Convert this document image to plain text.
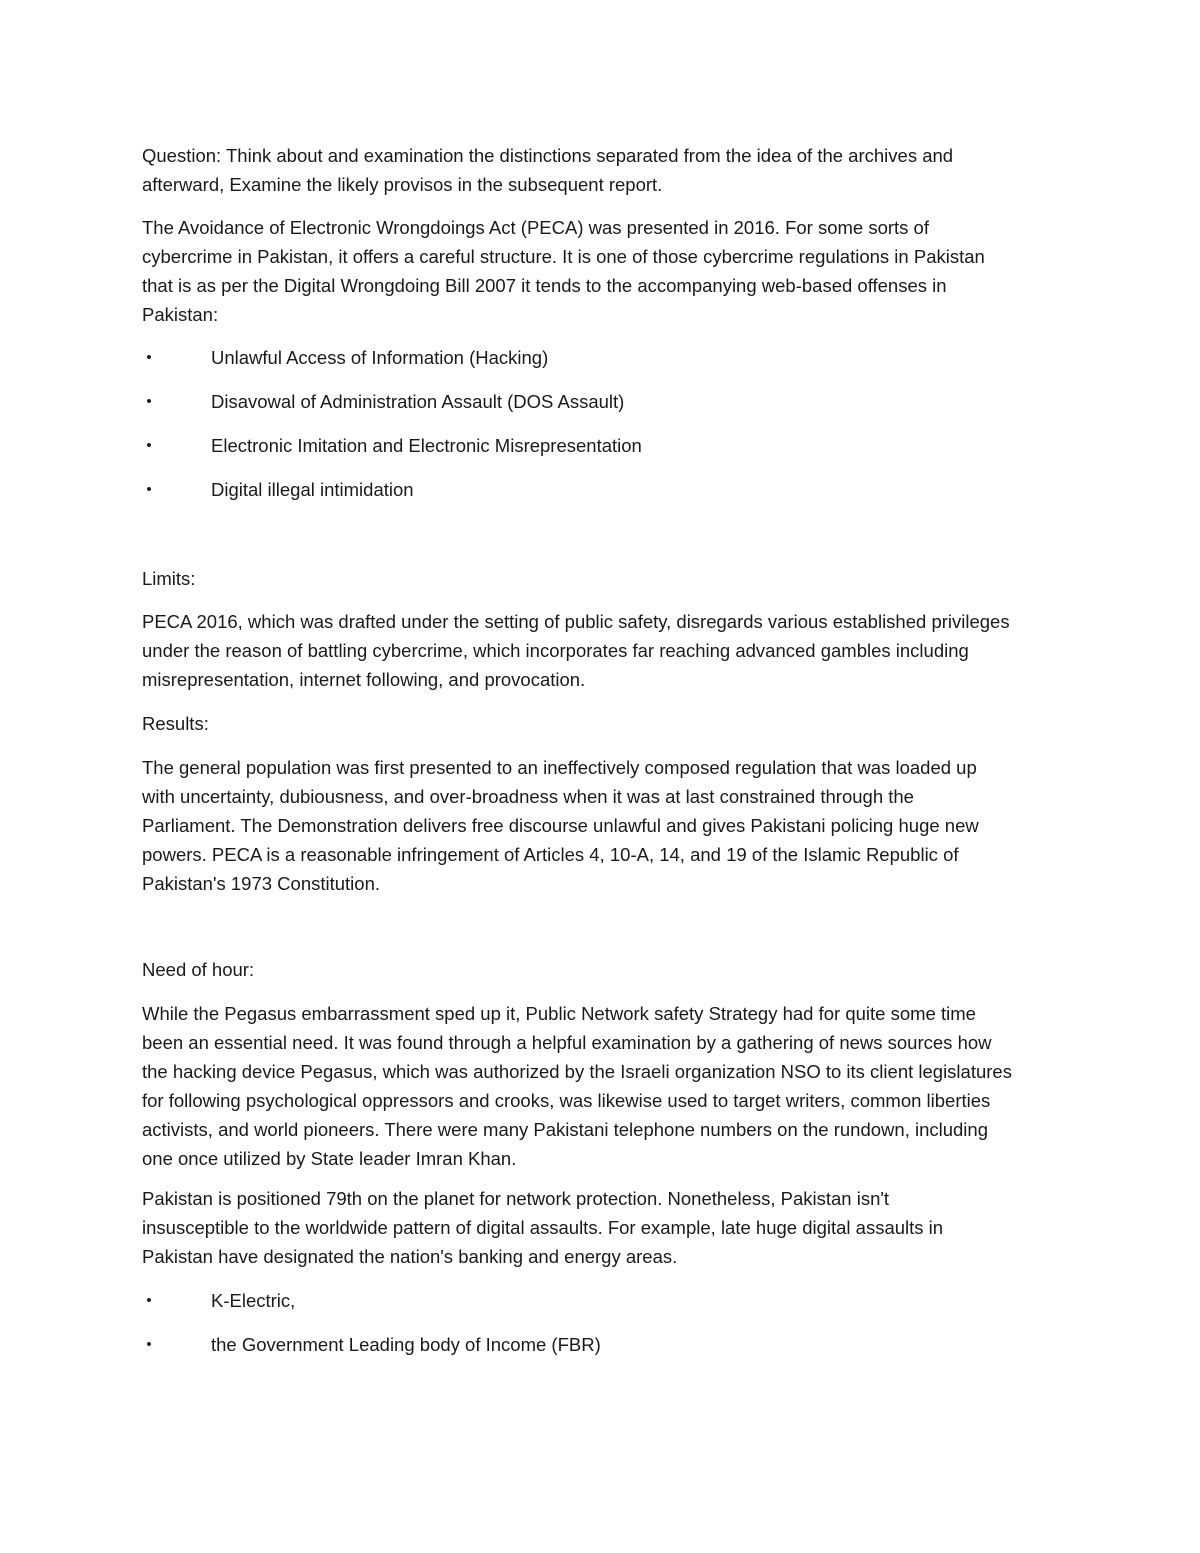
Question: Think about and examination the distinctions separated from the idea of the archives and
afterward, Examine the likely provisos in the subsequent report.

The Avoidance of Electronic Wrongdoings Act (PECA) was presented in 2016. For some sorts of
cybercrime in Pakistan, it offers a careful structure. It is one of those cybercrime regulations in Pakistan
that is as per the Digital Wrongdoing Bill 2007 it tends to the accompanying web-based offenses in
Pakistan:

•	Unlawful Access of Information (Hacking)
•	Disavowal of Administration Assault (DOS Assault)
•	Electronic Imitation and Electronic Misrepresentation
•	Digital illegal intimidation

Limits:

PECA 2016, which was drafted under the setting of public safety, disregards various established privileges
under the reason of battling cybercrime, which incorporates far reaching advanced gambles including
misrepresentation, internet following, and provocation.

Results:

The general population was first presented to an ineffectively composed regulation that was loaded up
with uncertainty, dubiousness, and over-broadness when it was at last constrained through the
Parliament. The Demonstration delivers free discourse unlawful and gives Pakistani policing huge new
powers. PECA is a reasonable infringement of Articles 4, 10-A, 14, and 19 of the Islamic Republic of
Pakistan's 1973 Constitution.

Need of hour:

While the Pegasus embarrassment sped up it, Public Network safety Strategy had for quite some time
been an essential need. It was found through a helpful examination by a gathering of news sources how
the hacking device Pegasus, which was authorized by the Israeli organization NSO to its client legislatures
for following psychological oppressors and crooks, was likewise used to target writers, common liberties
activists, and world pioneers. There were many Pakistani telephone numbers on the rundown, including
one once utilized by State leader Imran Khan.

Pakistan is positioned 79th on the planet for network protection. Nonetheless, Pakistan isn't
insusceptible to the worldwide pattern of digital assaults. For example, late huge digital assaults in
Pakistan have designated the nation's banking and energy areas.

•	K-Electric,
•	the Government Leading body of Income (FBR)
